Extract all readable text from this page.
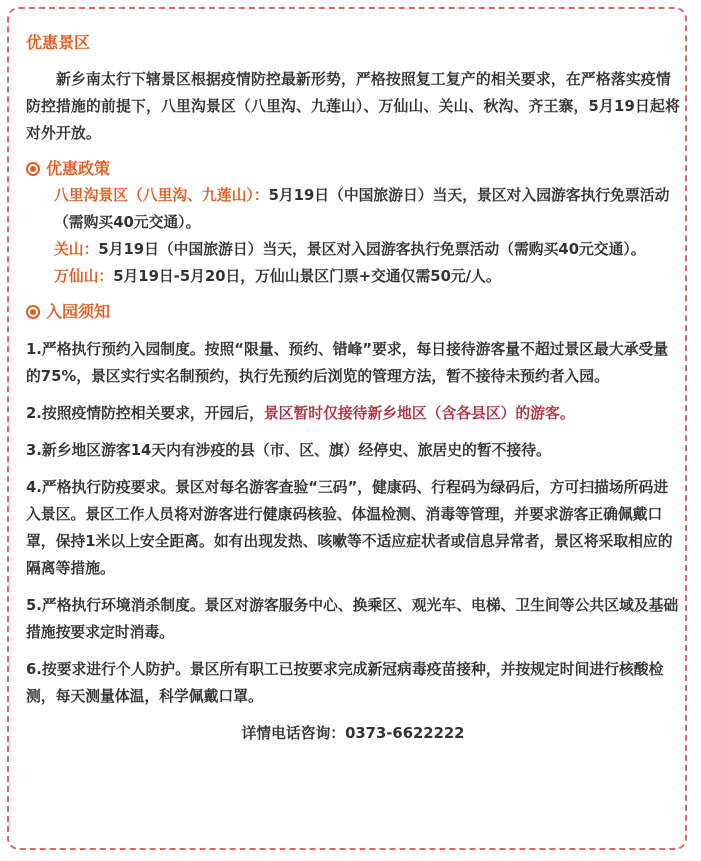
优惠景区

新乡南太行下辖景区根据疫情防控最新形势，严格按照复工复产的相关要求，在严格落实疫情防控措施的前提下，八里沟景区（八里沟、九莲山）、万仙山、关山、秋沟、齐王寨，5月19日起将对外开放。

优惠政策

八里沟景区（八里沟、九莲山）：5月19日（中国旅游日）当天，景区对入园游客执行免票活动（需购买40元交通）。

关山：5月19日（中国旅游日）当天，景区对入园游客执行免票活动（需购买40元交通）。

万仙山：5月19日-5月20日，万仙山景区门票+交通仅需50元/人。

入园须知

1.严格执行预约入园制度。按照“限量、预约、错峰”要求，每日接待游客量不超过景区最大承受量的75%，景区实行实名制预约，执行先预约后浏览的管理方法，暂不接待未预约者入园。

2.按照疫情防控相关要求，开园后，景区暂时仅接待新乡地区（含各县区）的游客。

3.新乡地区游客14天内有涉疫的县（市、区、旗）经停史、旅居史的暂不接待。

4.严格执行防疫要求。景区对每名游客查验“三码”，健康码、行程码为绿码后，方可扫描场所码进入景区。景区工作人员将对游客进行健康码核验、体温检测、消毒等管理，并要求游客正确佩戴口罩，保持1米以上安全距离。如有出现发热、咳嗽等不适应症状者或信息异常者，景区将采取相应的隔离等措施。

5.严格执行环境消杀制度。景区对游客服务中心、换乘区、观光车、电梯、卫生间等公共区域及基础措施按要求定时消毒。

6.按要求进行个人防护。景区所有职工已按要求完成新冠病毒疫苗接种，并按规定时间进行核酸检测，每天测量体温，科学佩戴口罩。

详情电话咨询：0373-6622222
